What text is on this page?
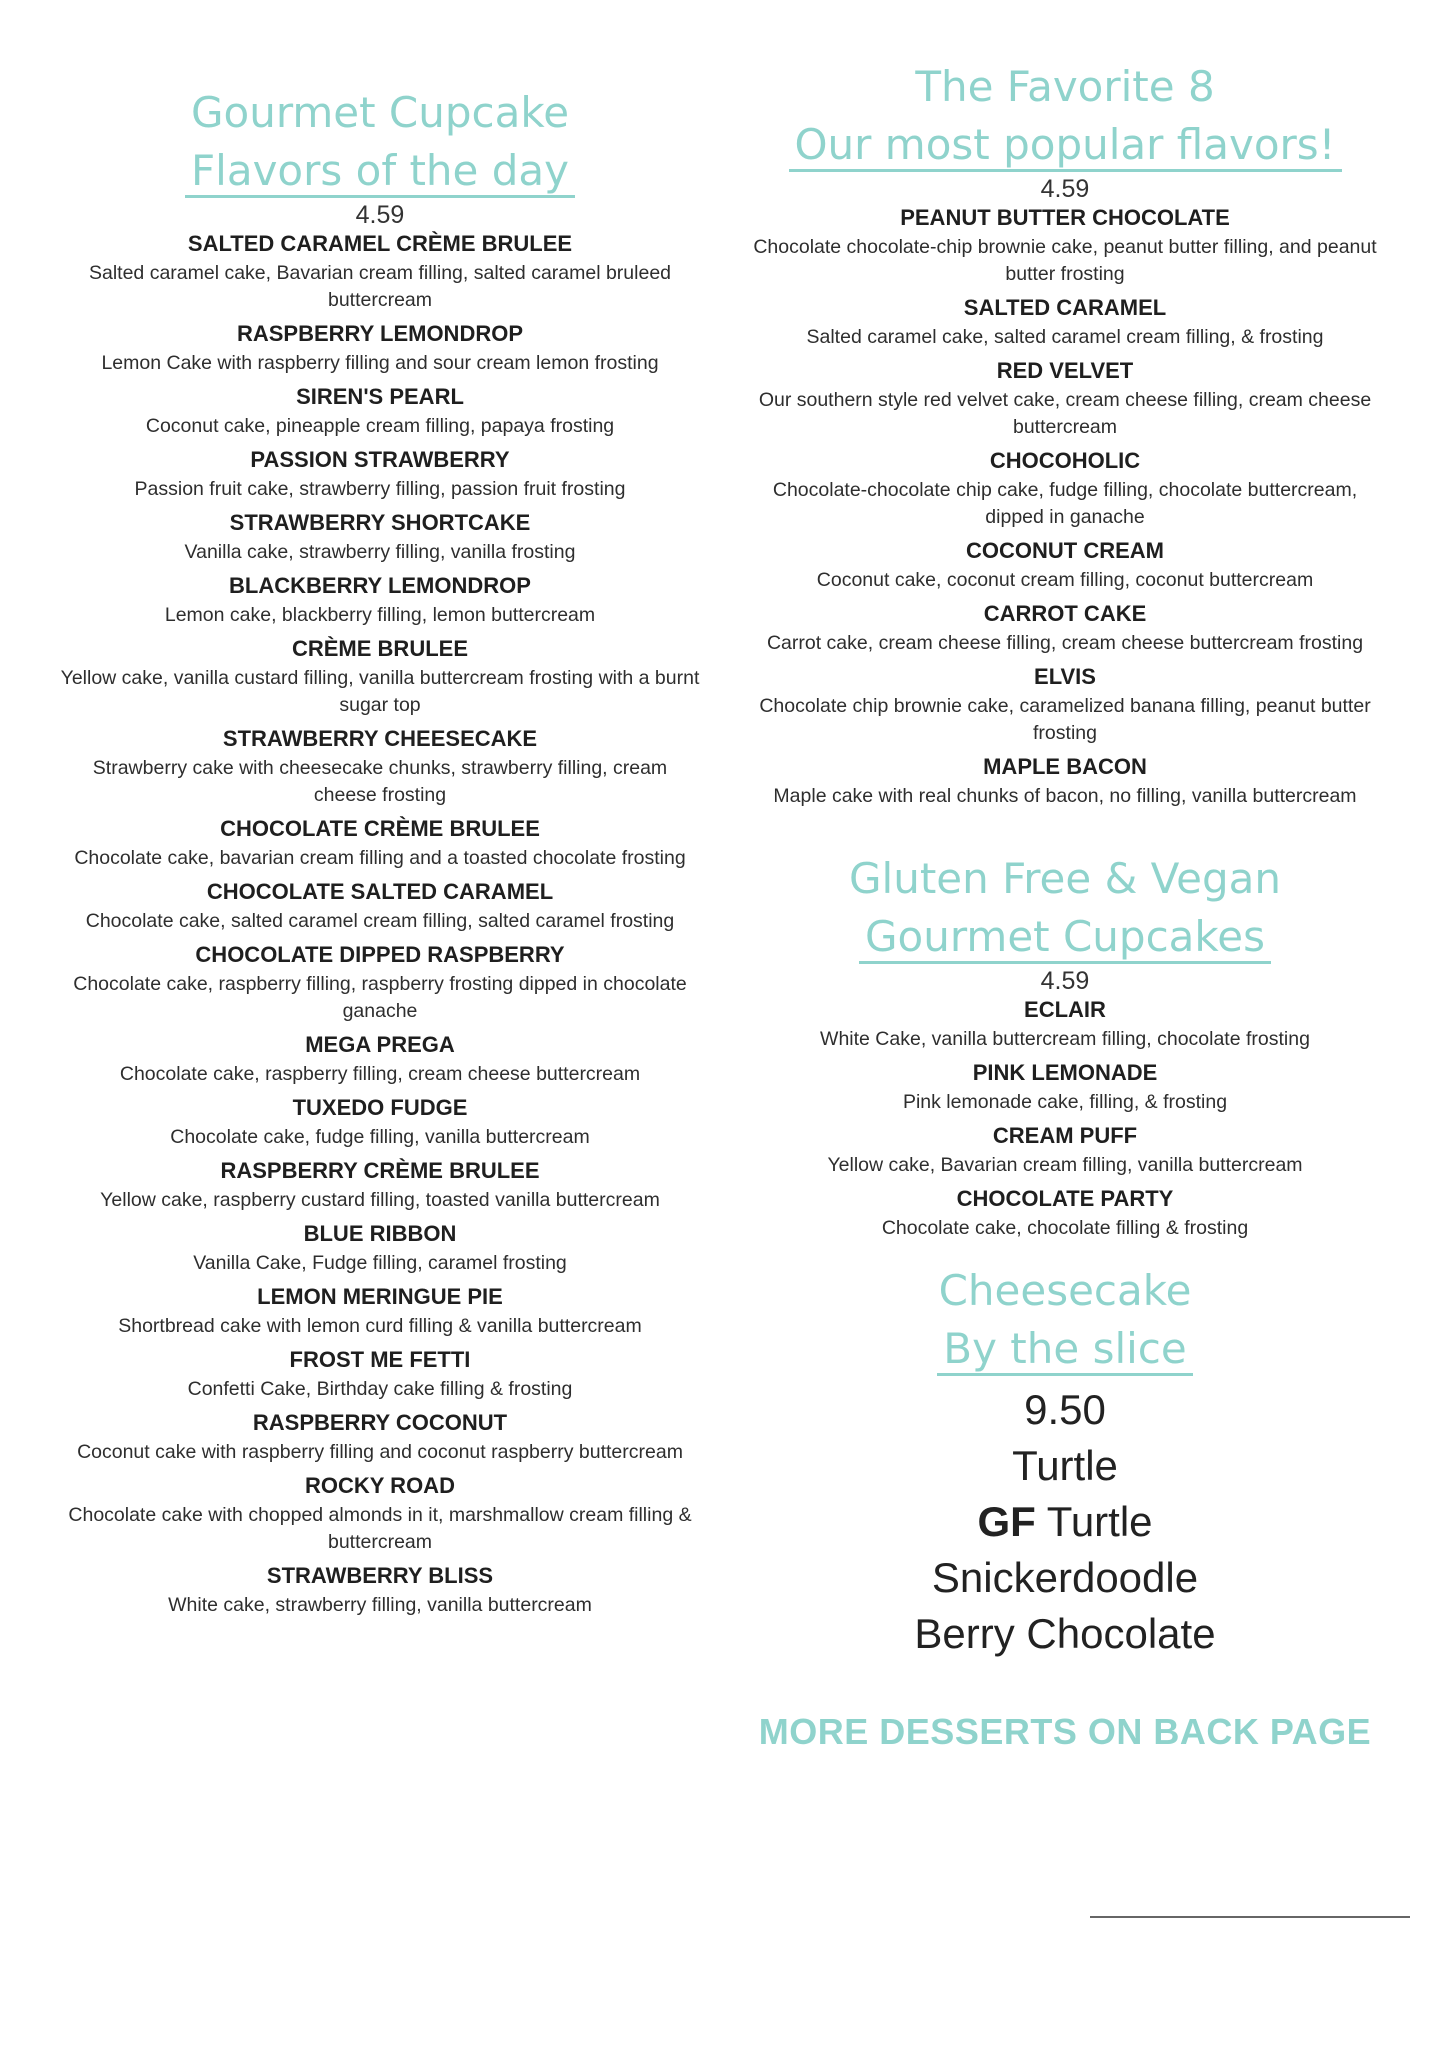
Gourmet Cupcake
Flavors of the day
4.59
SALTED CARAMEL CRÈME BRULEE
Salted caramel cake, Bavarian cream filling, salted caramel bruleed buttercream
RASPBERRY LEMONDROP
Lemon Cake with raspberry filling and sour cream lemon frosting
SIREN'S PEARL
Coconut cake, pineapple cream filling, papaya frosting
PASSION STRAWBERRY
Passion fruit cake, strawberry filling, passion fruit frosting
STRAWBERRY SHORTCAKE
Vanilla cake, strawberry filling, vanilla frosting
BLACKBERRY LEMONDROP
Lemon cake, blackberry filling, lemon buttercream
CRÈME BRULEE
Yellow cake, vanilla custard filling, vanilla buttercream frosting with a burnt sugar top
STRAWBERRY CHEESECAKE
Strawberry cake with cheesecake chunks, strawberry filling, cream cheese frosting
CHOCOLATE CRÈME BRULEE
Chocolate cake, bavarian cream filling and a toasted chocolate frosting
CHOCOLATE SALTED CARAMEL
Chocolate cake, salted caramel cream filling, salted caramel frosting
CHOCOLATE DIPPED RASPBERRY
Chocolate cake, raspberry filling, raspberry frosting dipped in chocolate ganache
MEGA PREGA
Chocolate cake, raspberry filling, cream cheese buttercream
TUXEDO FUDGE
Chocolate cake, fudge filling, vanilla buttercream
RASPBERRY CRÈME BRULEE
Yellow cake, raspberry custard filling, toasted vanilla buttercream
BLUE RIBBON
Vanilla Cake, Fudge filling, caramel frosting
LEMON MERINGUE PIE
Shortbread cake with lemon curd filling & vanilla buttercream
FROST ME FETTI
Confetti Cake, Birthday cake filling & frosting
RASPBERRY COCONUT
Coconut cake with raspberry filling and coconut raspberry buttercream
ROCKY ROAD
Chocolate cake with chopped almonds in it, marshmallow cream filling & buttercream
STRAWBERRY BLISS
White cake, strawberry filling, vanilla buttercream
The Favorite 8
Our most popular flavors!
4.59
PEANUT BUTTER CHOCOLATE
Chocolate chocolate-chip brownie cake, peanut butter filling, and peanut butter frosting
SALTED CARAMEL
Salted caramel cake, salted caramel cream filling, & frosting
RED VELVET
Our southern style red velvet cake, cream cheese filling, cream cheese buttercream
CHOCOHOLIC
Chocolate-chocolate chip cake, fudge filling, chocolate buttercream, dipped in ganache
COCONUT CREAM
Coconut cake, coconut cream filling, coconut buttercream
CARROT CAKE
Carrot cake, cream cheese filling, cream cheese buttercream frosting
ELVIS
Chocolate chip brownie cake, caramelized banana filling, peanut butter frosting
MAPLE BACON
Maple cake with real chunks of bacon, no filling, vanilla buttercream
Gluten Free & Vegan
Gourmet Cupcakes
4.59
ECLAIR
White Cake, vanilla buttercream filling, chocolate frosting
PINK LEMONADE
Pink lemonade cake, filling, & frosting
CREAM PUFF
Yellow cake, Bavarian cream filling, vanilla buttercream
CHOCOLATE PARTY
Chocolate cake, chocolate filling & frosting
Cheesecake
By the slice
9.50
Turtle
GF Turtle
Snickerdoodle
Berry Chocolate
MORE DESSERTS ON BACK PAGE
